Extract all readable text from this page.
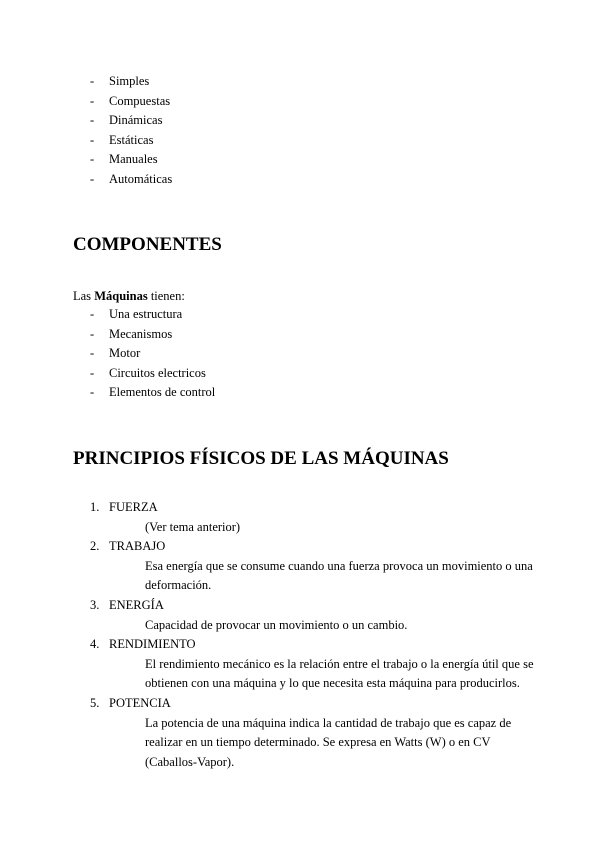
- Simples
- Compuestas
- Dinámicas
- Estáticas
- Manuales
- Automáticas
COMPONENTES
Las Máquinas tienen:
- Una estructura
- Mecanismos
- Motor
- Circuitos electricos
- Elementos de control
PRINCIPIOS FÍSICOS DE LAS MÁQUINAS
1. FUERZA
(Ver tema anterior)
2. TRABAJO
Esa energía que se consume cuando una fuerza provoca un movimiento o una deformación.
3. ENERGÍA
Capacidad de provocar un movimiento o un cambio.
4. RENDIMIENTO
El rendimiento mecánico es la relación entre el trabajo o la energía útil que se obtienen con una máquina y lo que necesita esta máquina para producirlos.
5. POTENCIA
La potencia de una máquina indica la cantidad de trabajo que es capaz de realizar en un tiempo determinado. Se expresa en Watts (W) o en CV (Caballos-Vapor).
